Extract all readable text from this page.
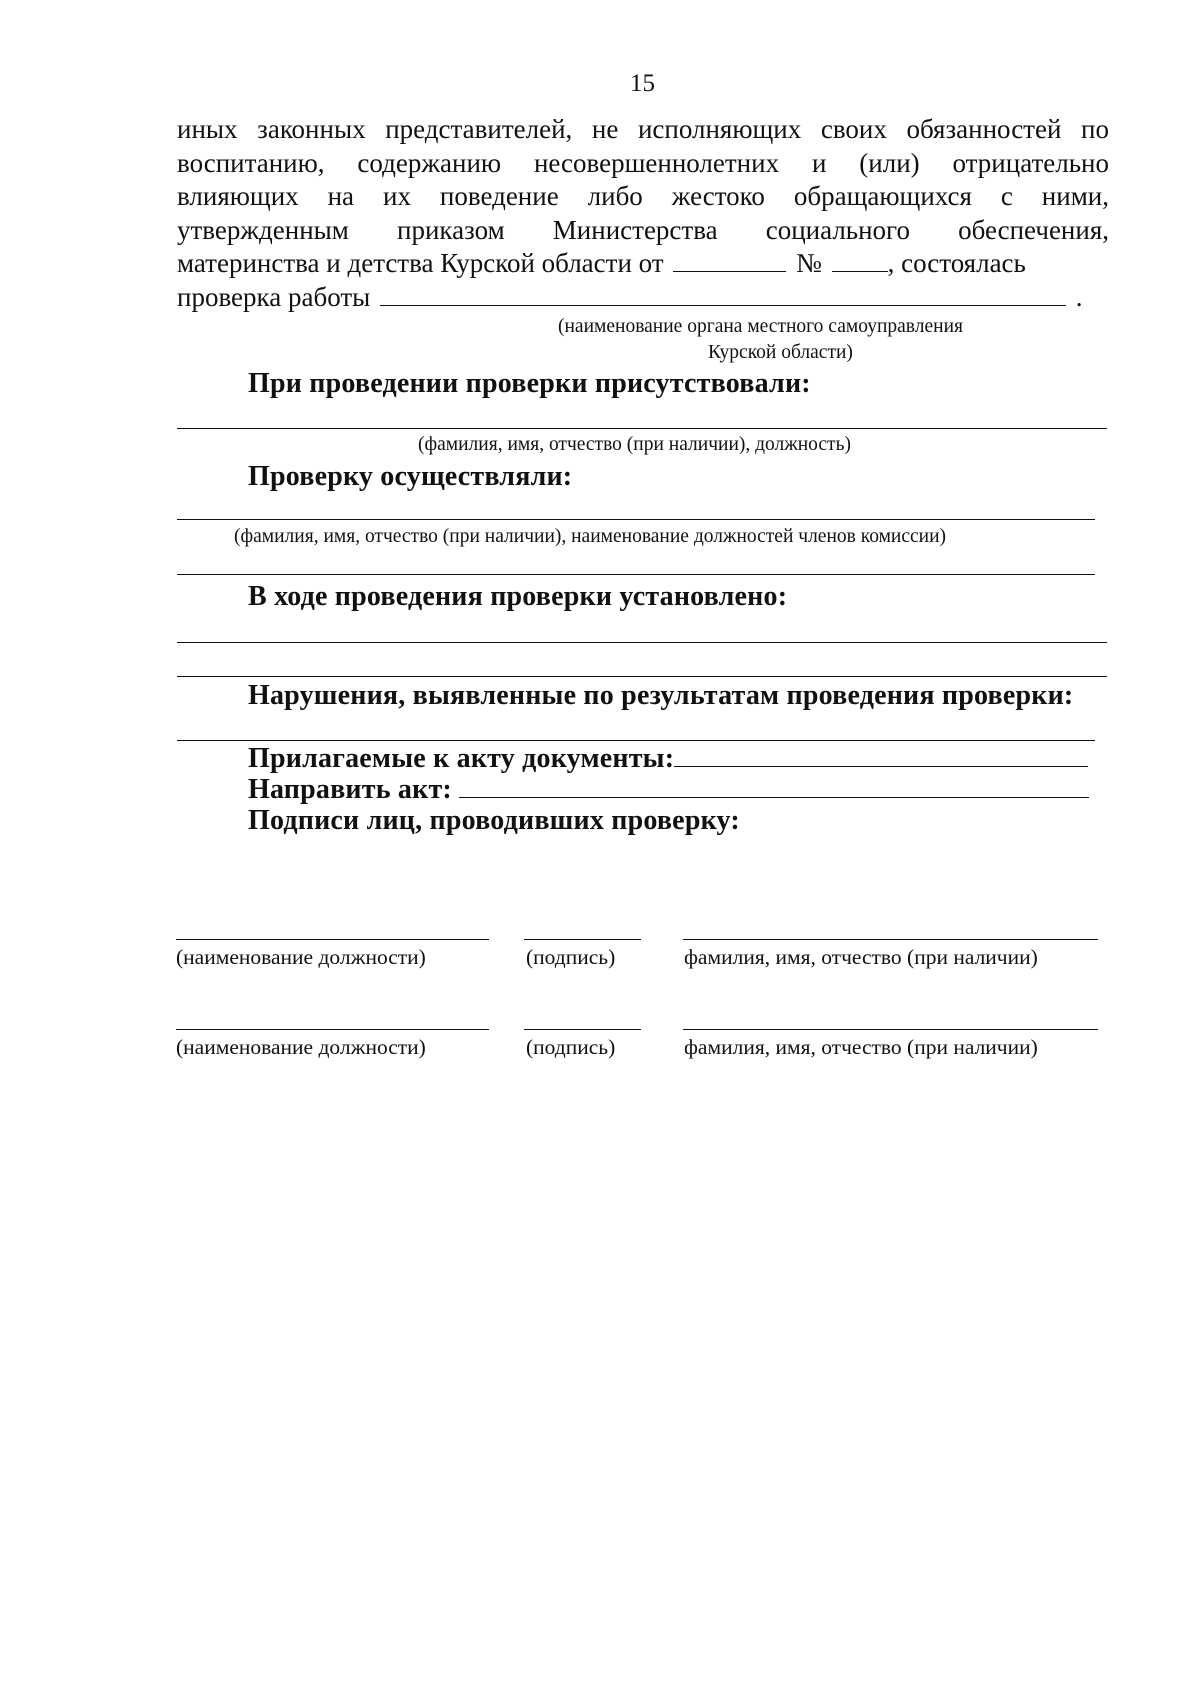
15
иных законных представителей, не исполняющих своих обязанностей по
воспитанию, содержанию несовершеннолетних и (или) отрицательно
влияющих на их поведение либо жестоко обращающихся с ними,
утвержденным приказом Министерства социального обеспечения,
материнства и детства Курской области от	№ , состоялась
проверка работы	.
(наименование органа местного самоуправления
Курской области)
При проведении проверки присутствовали:
(фамилия, имя, отчество (при наличии), должность)
Проверку осуществляли:
(фамилия, имя, отчество (при наличии), наименование должностей членов комиссии)
В ходе проведения проверки установлено:
Нарушения, выявленные по результатам проведения проверки:
Прилагаемые к акту документы:
Направить акт:
Подписи лиц, проводивших проверку:
(наименование должности)	(подпись)	фамилия, имя, отчество (при наличии)
(наименование должности)	(подпись)	фамилия, имя, отчество (при наличии)
